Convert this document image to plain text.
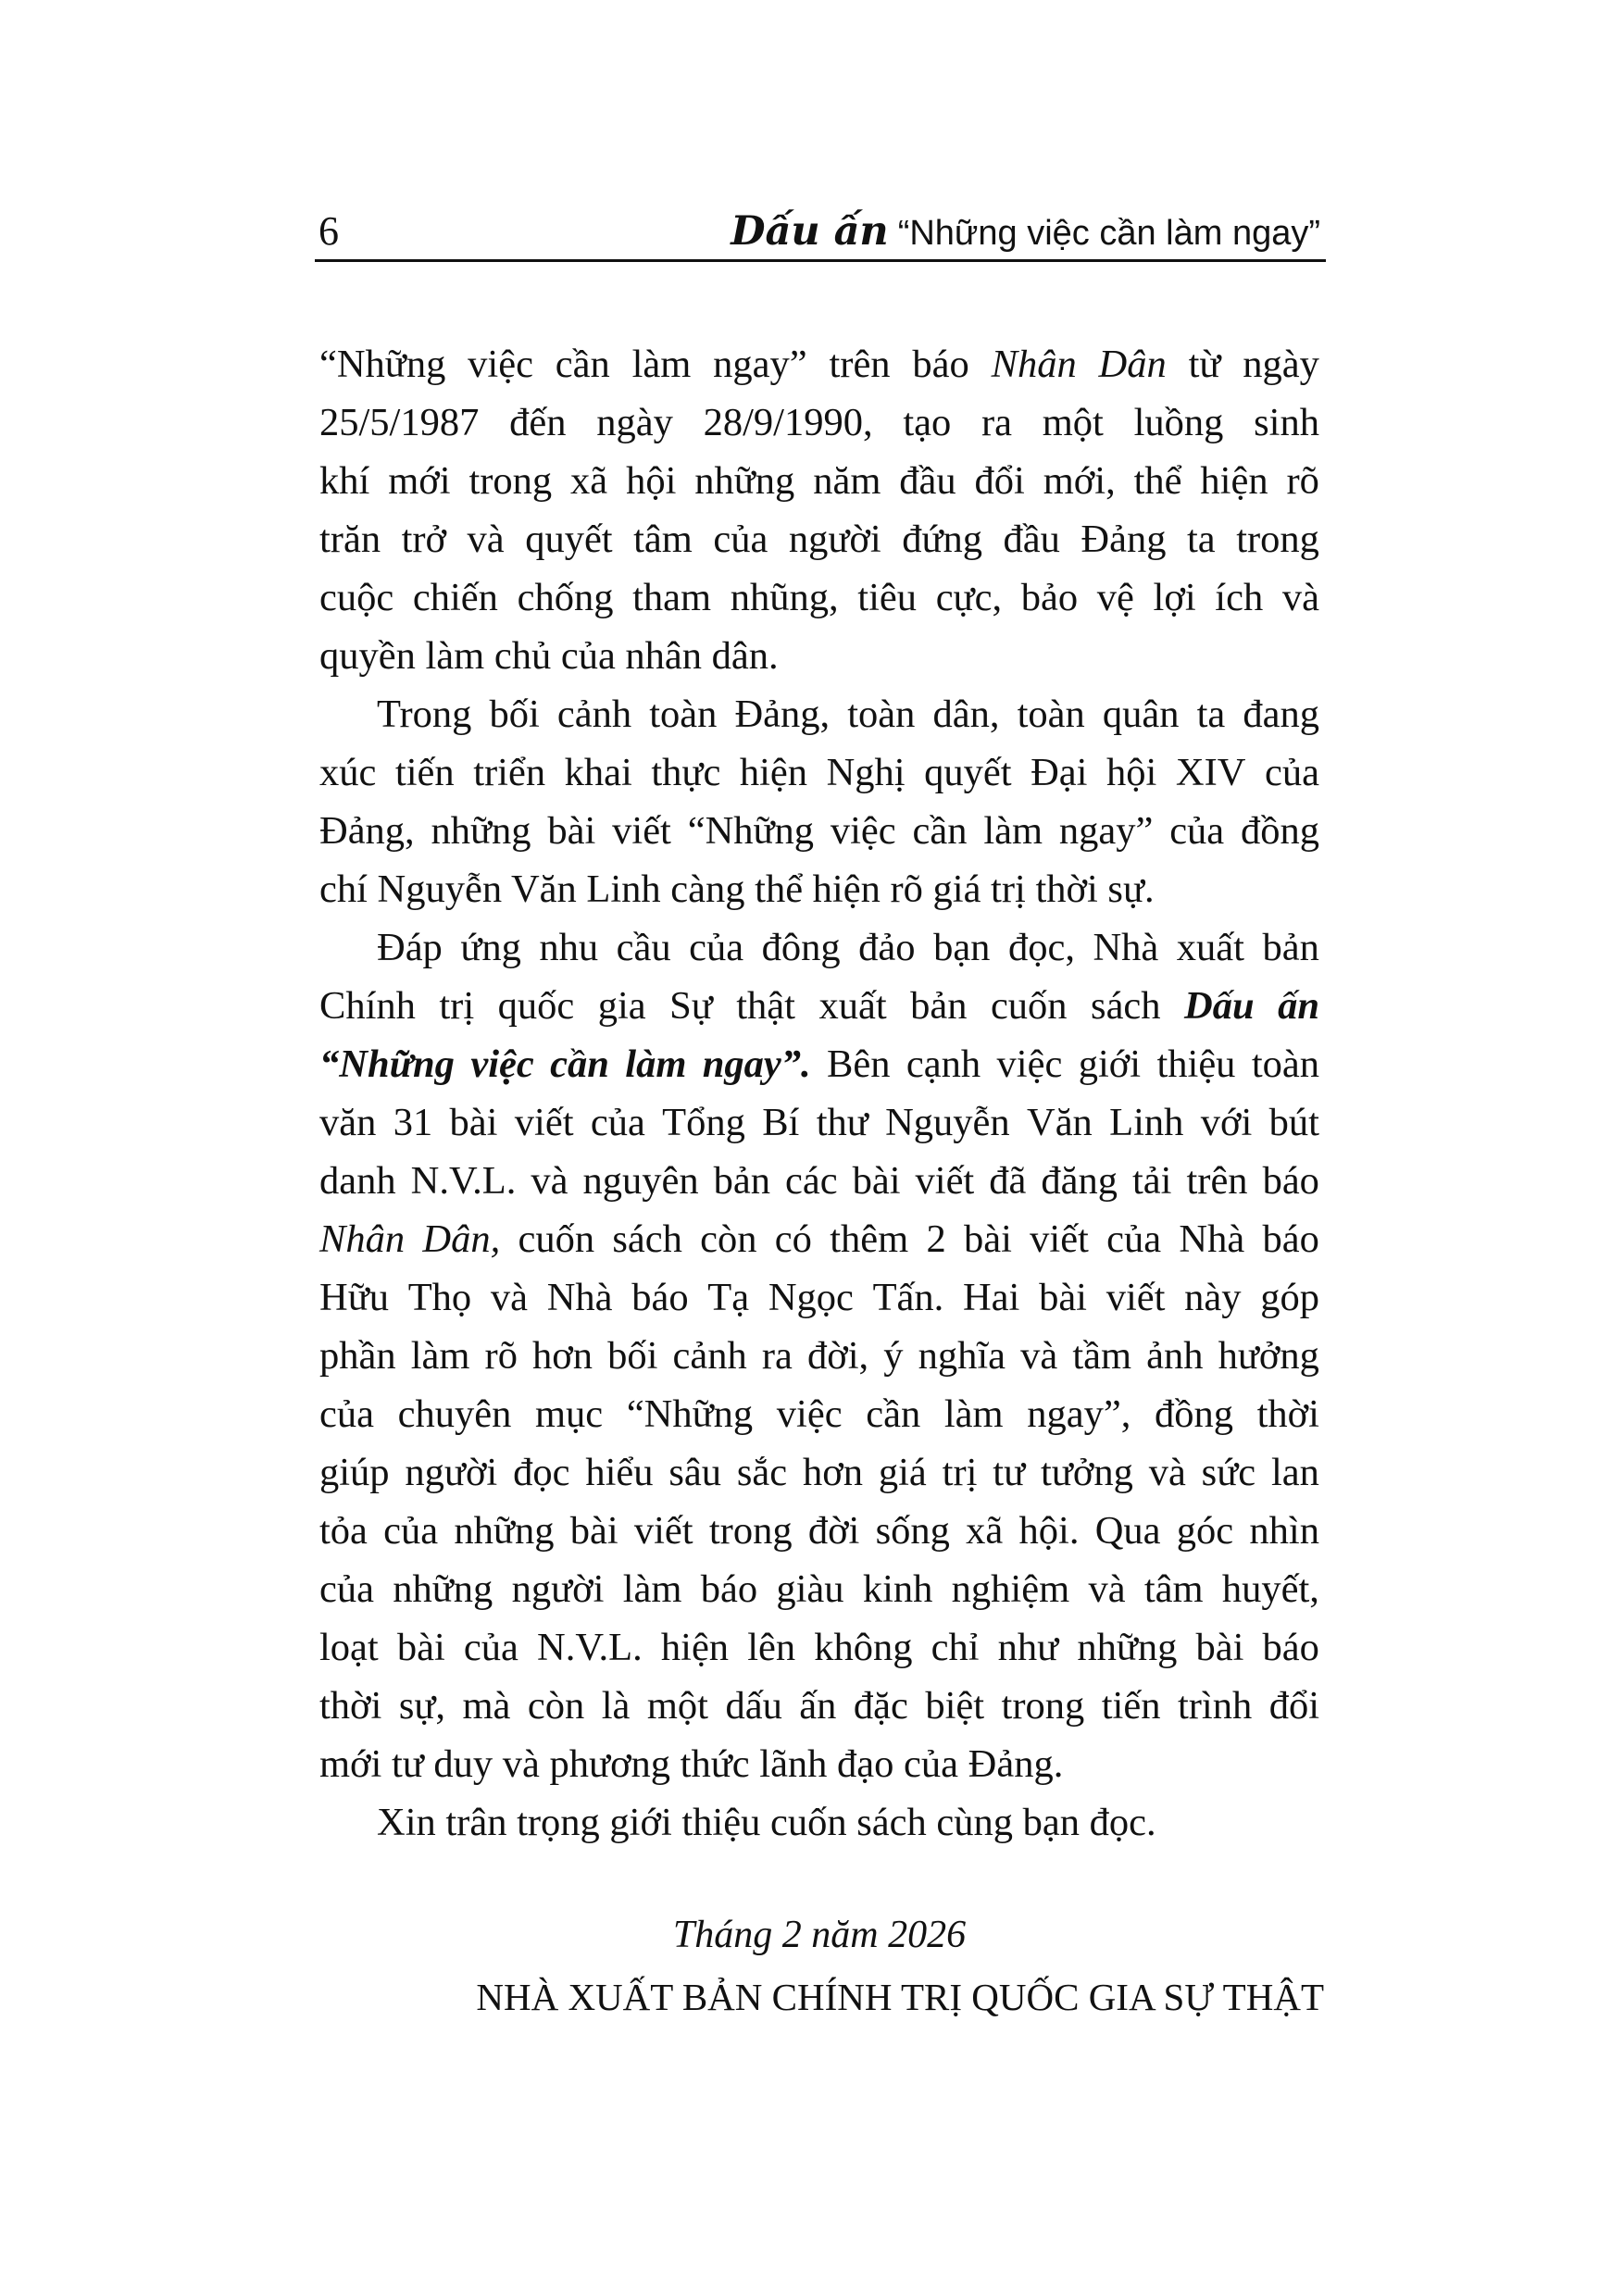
6	Dấu ấn “Những việc cần làm ngay”
“Những việc cần làm ngay” trên báo Nhân Dân từ ngày
25/5/1987 đến ngày 28/9/1990, tạo ra một luồng sinh
khí mới trong xã hội những năm đầu đổi mới, thể hiện rõ
trăn trở và quyết tâm của người đứng đầu Đảng ta trong
cuộc chiến chống tham nhũng, tiêu cực, bảo vệ lợi ích và
quyền làm chủ của nhân dân.
Trong bối cảnh toàn Đảng, toàn dân, toàn quân ta đang
xúc tiến triển khai thực hiện Nghị quyết Đại hội XIV của
Đảng, những bài viết “Những việc cần làm ngay” của đồng
chí Nguyễn Văn Linh càng thể hiện rõ giá trị thời sự.
Đáp ứng nhu cầu của đông đảo bạn đọc, Nhà xuất bản
Chính trị quốc gia Sự thật xuất bản cuốn sách Dấu ấn
“Những việc cần làm ngay”. Bên cạnh việc giới thiệu toàn
văn 31 bài viết của Tổng Bí thư Nguyễn Văn Linh với bút
danh N.V.L. và nguyên bản các bài viết đã đăng tải trên báo
Nhân Dân, cuốn sách còn có thêm 2 bài viết của Nhà báo
Hữu Thọ và Nhà báo Tạ Ngọc Tấn. Hai bài viết này góp
phần làm rõ hơn bối cảnh ra đời, ý nghĩa và tầm ảnh hưởng
của chuyên mục “Những việc cần làm ngay”, đồng thời
giúp người đọc hiểu sâu sắc hơn giá trị tư tưởng và sức lan
tỏa của những bài viết trong đời sống xã hội. Qua góc nhìn
của những người làm báo giàu kinh nghiệm và tâm huyết,
loạt bài của N.V.L. hiện lên không chỉ như những bài báo
thời sự, mà còn là một dấu ấn đặc biệt trong tiến trình đổi
mới tư duy và phương thức lãnh đạo của Đảng.
Xin trân trọng giới thiệu cuốn sách cùng bạn đọc.
Tháng 2 năm 2026
NHÀ XUẤT BẢN CHÍNH TRỊ QUỐC GIA SỰ THẬT
